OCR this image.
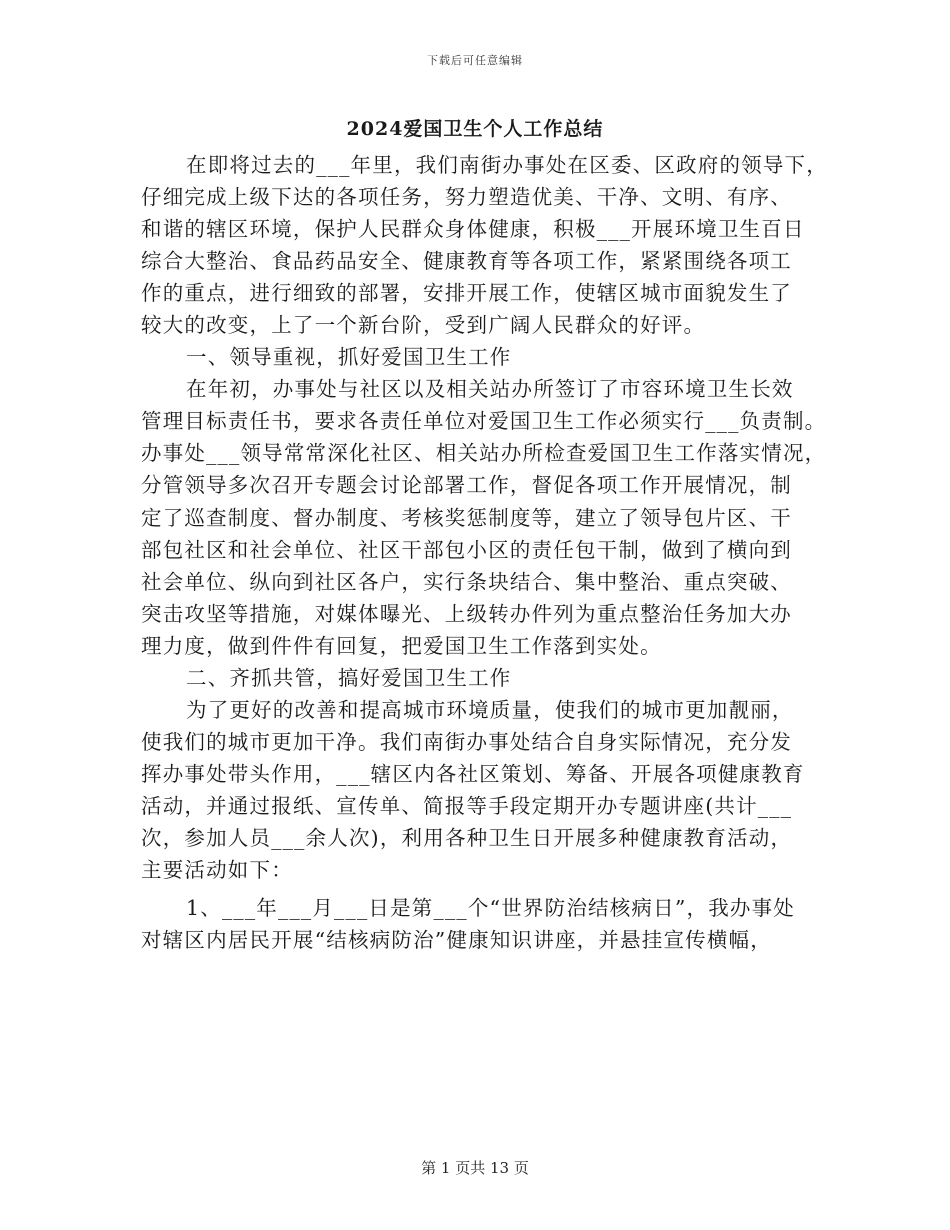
下载后可任意编辑
2024爱国卫生个人工作总结
在即将过去的___年里，我们南街办事处在区委、区政府的领导下，
仔细完成上级下达的各项任务，努力塑造优美、干净、文明、有序、
和谐的辖区环境，保护人民群众身体健康，积极___开展环境卫生百日
综合大整治、食品药品安全、健康教育等各项工作，紧紧围绕各项工
作的重点，进行细致的部署，安排开展工作，使辖区城市面貌发生了
较大的改变，上了一个新台阶，受到广阔人民群众的好评。
一、领导重视，抓好爱国卫生工作
在年初，办事处与社区以及相关站办所签订了市容环境卫生长效
管理目标责任书，要求各责任单位对爱国卫生工作必须实行___负责制。
办事处___领导常常深化社区、相关站办所检查爱国卫生工作落实情况，
分管领导多次召开专题会讨论部署工作，督促各项工作开展情况，制
定了巡查制度、督办制度、考核奖惩制度等，建立了领导包片区、干
部包社区和社会单位、社区干部包小区的责任包干制，做到了横向到
社会单位、纵向到社区各户，实行条块结合、集中整治、重点突破、
突击攻坚等措施，对媒体曝光、上级转办件列为重点整治任务加大办
理力度，做到件件有回复，把爱国卫生工作落到实处。
二、齐抓共管，搞好爱国卫生工作
为了更好的改善和提高城市环境质量，使我们的城市更加靓丽，
使我们的城市更加干净。我们南街办事处结合自身实际情况，充分发
挥办事处带头作用，___辖区内各社区策划、筹备、开展各项健康教育
活动，并通过报纸、宣传单、简报等手段定期开办专题讲座(共计___
次，参加人员___余人次)，利用各种卫生日开展多种健康教育活动，
主要活动如下：
1、___年___月___日是第___个“世界防治结核病日”，我办事处
对辖区内居民开展“结核病防治”健康知识讲座，并悬挂宣传横幅，
第 1 页共 13 页
